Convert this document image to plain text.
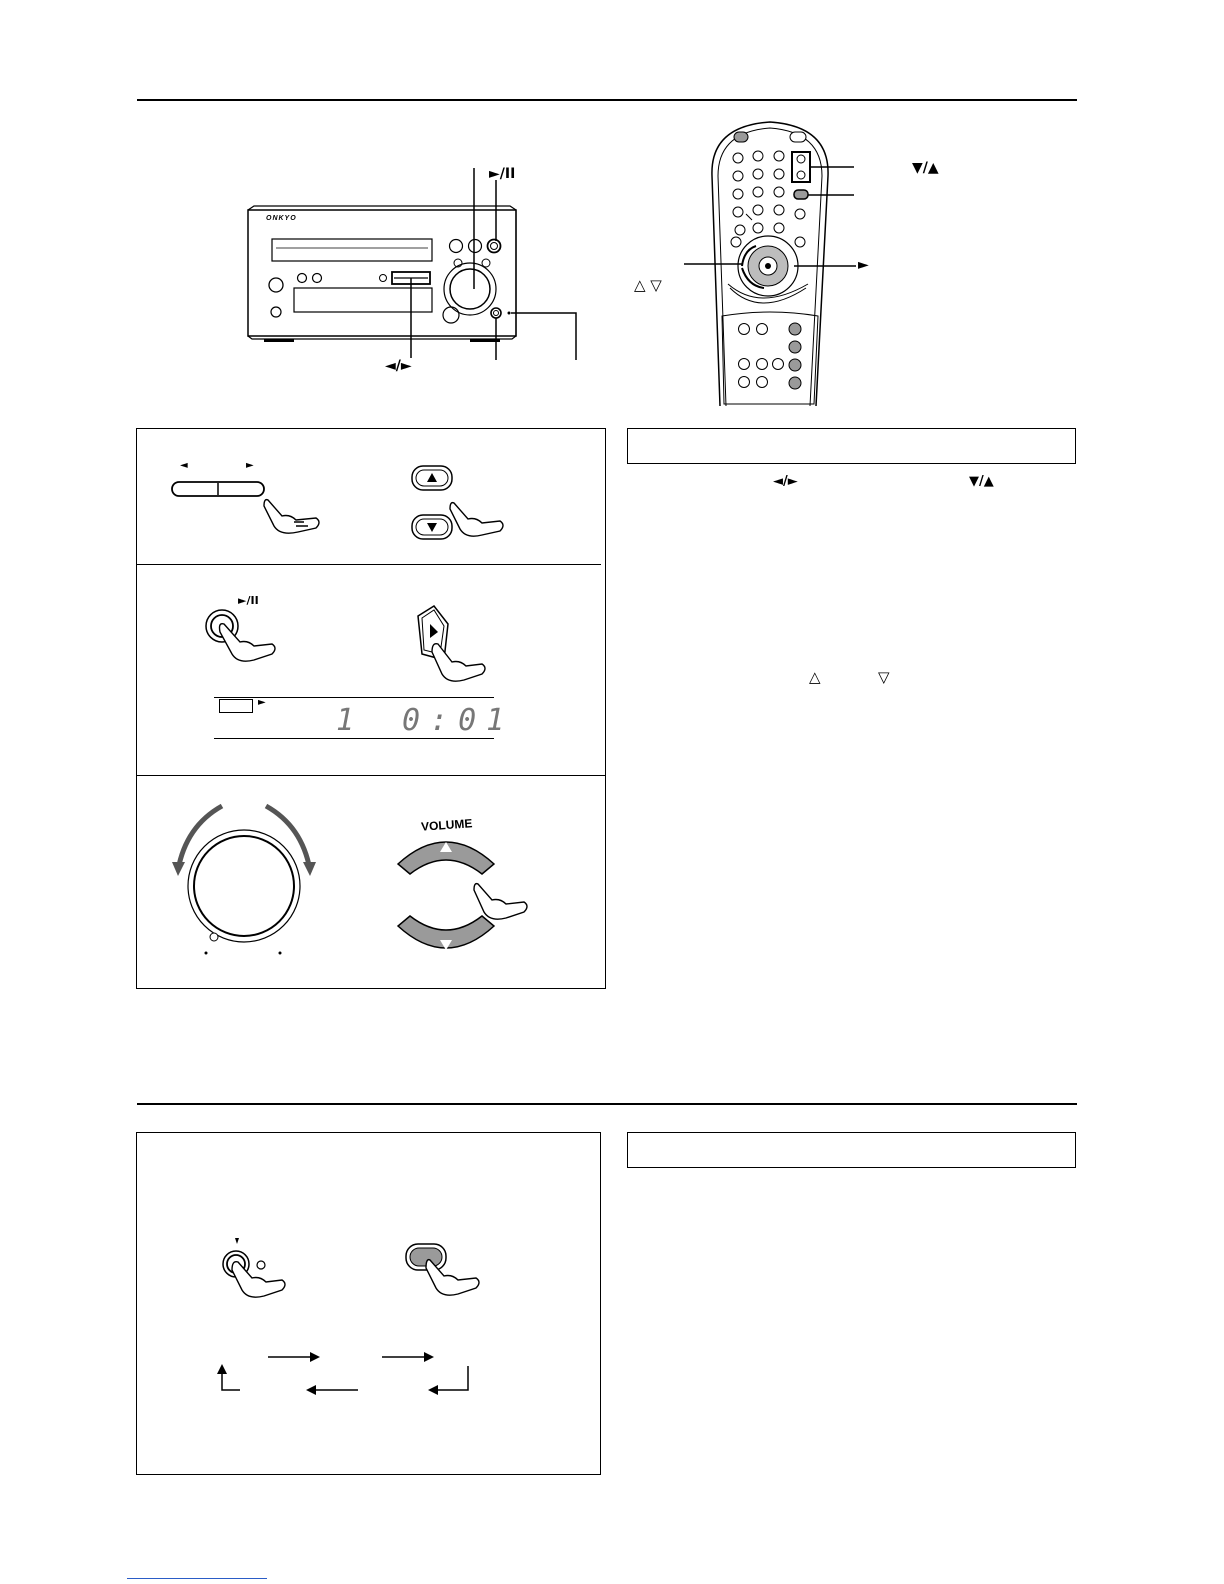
ONKYO
►/II
◄/►
▼/▲
►
△ ▽
◄	►
►/II
►
1 0:01
VOLUME
◄/►	▼/▲
△	▽
